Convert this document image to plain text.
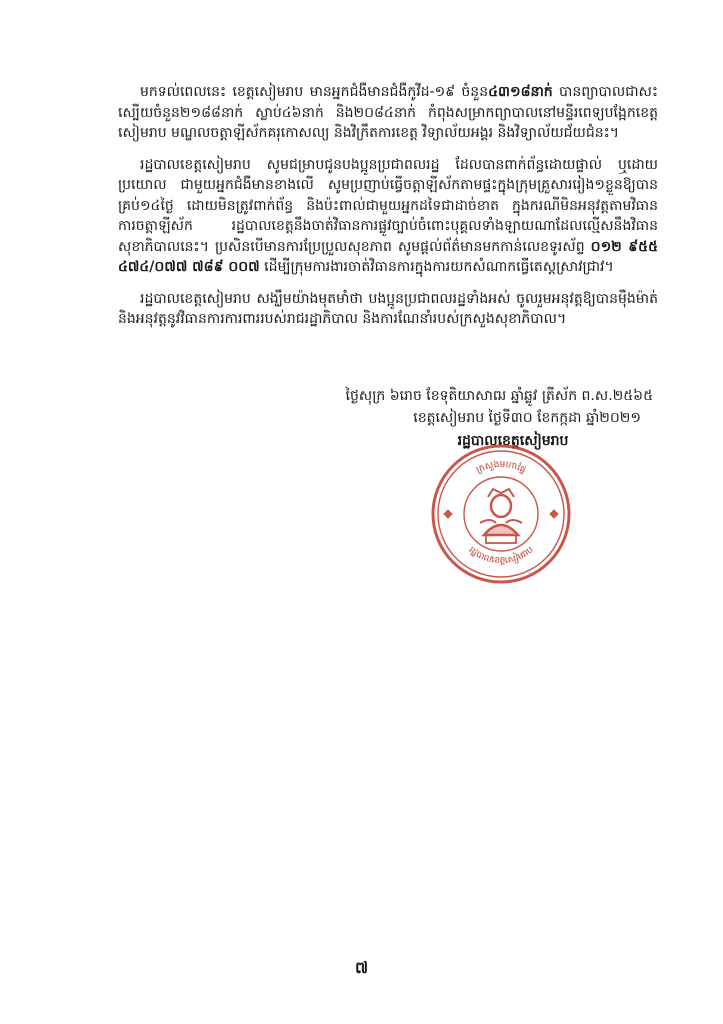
មកទល់ពេលនេះ ខេត្តសៀមរាប មានអ្នកជំងឺមានជំងឺកូវីដ-១៩ ចំនួន៤៣១៨នាក់ បានព្យាបាលជាសះស្បើយចំនួន២១៨៨នាក់ ស្លាប់៤៦នាក់ និង២០៨៤នាក់ កំពុងសម្រាកព្យាបាលនៅមន្ទីរពេទ្យបង្អែកខេត្តសៀមរាប មណ្ឌលចត្តាឡីស័កគរុកោសល្យ និងវិក្រឹតការខេត្ត វិទ្យាល័យអង្គរ និងវិទ្យាល័យជ័យជំនះ។

រដ្ឋបាលខេត្តសៀមរាប សូមជម្រាបជូនបងប្អូនប្រជាពលរដ្ឋ ដែលបានពាក់ព័ន្ធដោយផ្ទាល់ ឬដោយប្រយោល ជាមួយអ្នកជំងឺមានខាងលើ សូមប្រញាប់ធ្វើចត្តាឡីស័កតាមផ្ទះក្នុងក្រុមគ្រួសាររៀង១ខ្លួនឱ្យបានគ្រប់១៤ថ្ងៃ ដោយមិនត្រូវពាក់ព័ន្ធ និងប៉ះពាល់ជាមួយអ្នកដទៃជាដាច់ខាត ក្នុងករណីមិនអនុវត្តតាមវិធានការចត្តាឡីស័ក រដ្ឋបាលខេត្តនឹងចាត់វិធានការផ្លូវច្បាប់ចំពោះបុគ្គលទាំងឡាយណាដែលល្មើសនឹងវិធានសុខាភិបាលនេះ។ ប្រសិនបើមានការប្រែប្រួលសុខភាព សូមផ្តល់ព័ត៌មានមកកាន់លេខទូរស័ព្ទ ០១២ ៩៥៥ ៤៧៤/០៧៧ ៧៨៩ ០០៧ ដើម្បីក្រុមការងារចាត់វិធានការក្នុងការយកសំណាកធ្វើតេស្តស្រាវជ្រាវ។

រដ្ឋបាលខេត្តសៀមរាប សង្ឃឹមយ៉ាងមុតមាំថា បងប្អូនប្រជាពលរដ្ឋទាំងអស់ ចូលរួមអនុវត្តឱ្យបានម៉ឺងម៉ាត់ និងអនុវត្តនូវវិធានការការពាររបស់រាជរដ្ឋាភិបាល និងការណែនាំរបស់ក្រសួងសុខាភិបាល។

ថ្ងៃសុក្រ ៦រោច ខែទុតិយាសាឍ ឆ្នាំឆ្លូវ ត្រីស័ក ព.ស.២៥៦៥
ខេត្តសៀមរាប ថ្ងៃទី៣០ ខែកក្កដា ឆ្នាំ២០២១
រដ្ឋបាលខេត្តសៀមរាប
ក្រសួងមហាផ្ទៃ
រដ្ឋបាលខេត្តសៀមរាប
៧
